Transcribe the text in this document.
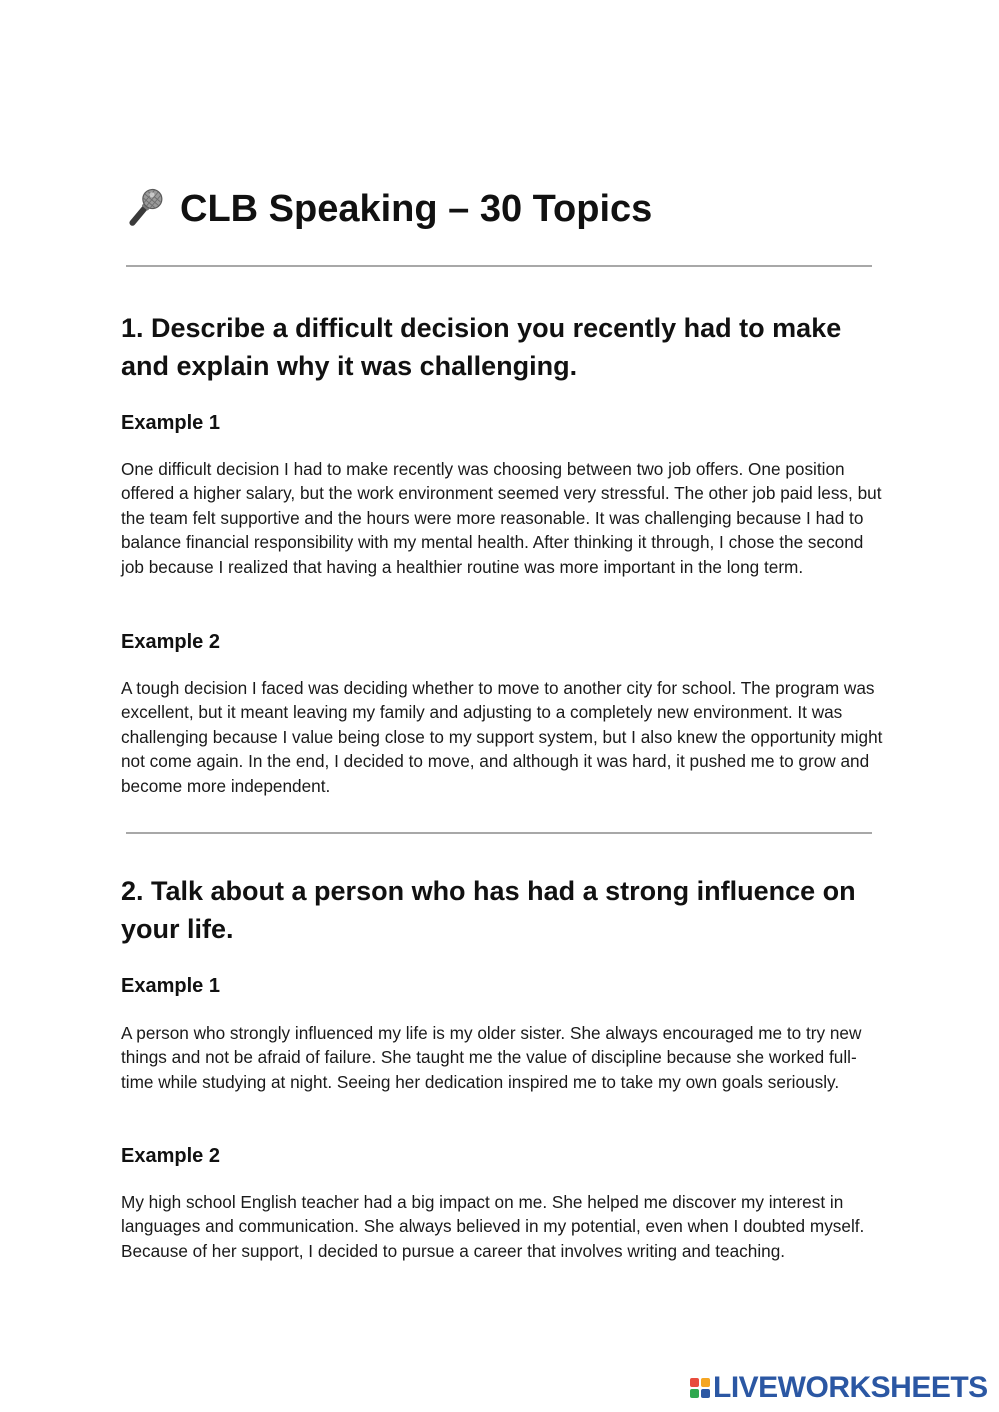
CLB Speaking – 30 Topics
1. Describe a difficult decision you recently had to make and explain why it was challenging.
Example 1

One difficult decision I had to make recently was choosing between two job offers. One position offered a higher salary, but the work environment seemed very stressful. The other job paid less, but the team felt supportive and the hours were more reasonable. It was challenging because I had to balance financial responsibility with my mental health. After thinking it through, I chose the second job because I realized that having a healthier routine was more important in the long term.

Example 2

A tough decision I faced was deciding whether to move to another city for school. The program was excellent, but it meant leaving my family and adjusting to a completely new environment. It was challenging because I value being close to my support system, but I also knew the opportunity might not come again. In the end, I decided to move, and although it was hard, it pushed me to grow and become more independent.

2. Talk about a person who has had a strong influence on your life.
Example 1

A person who strongly influenced my life is my older sister. She always encouraged me to try new things and not be afraid of failure. She taught me the value of discipline because she worked full-time while studying at night. Seeing her dedication inspired me to take my own goals seriously.

Example 2

My high school English teacher had a big impact on me. She helped me discover my interest in languages and communication. She always believed in my potential, even when I doubted myself. Because of her support, I decided to pursue a career that involves writing and teaching.

LIVEWORKSHEETS
